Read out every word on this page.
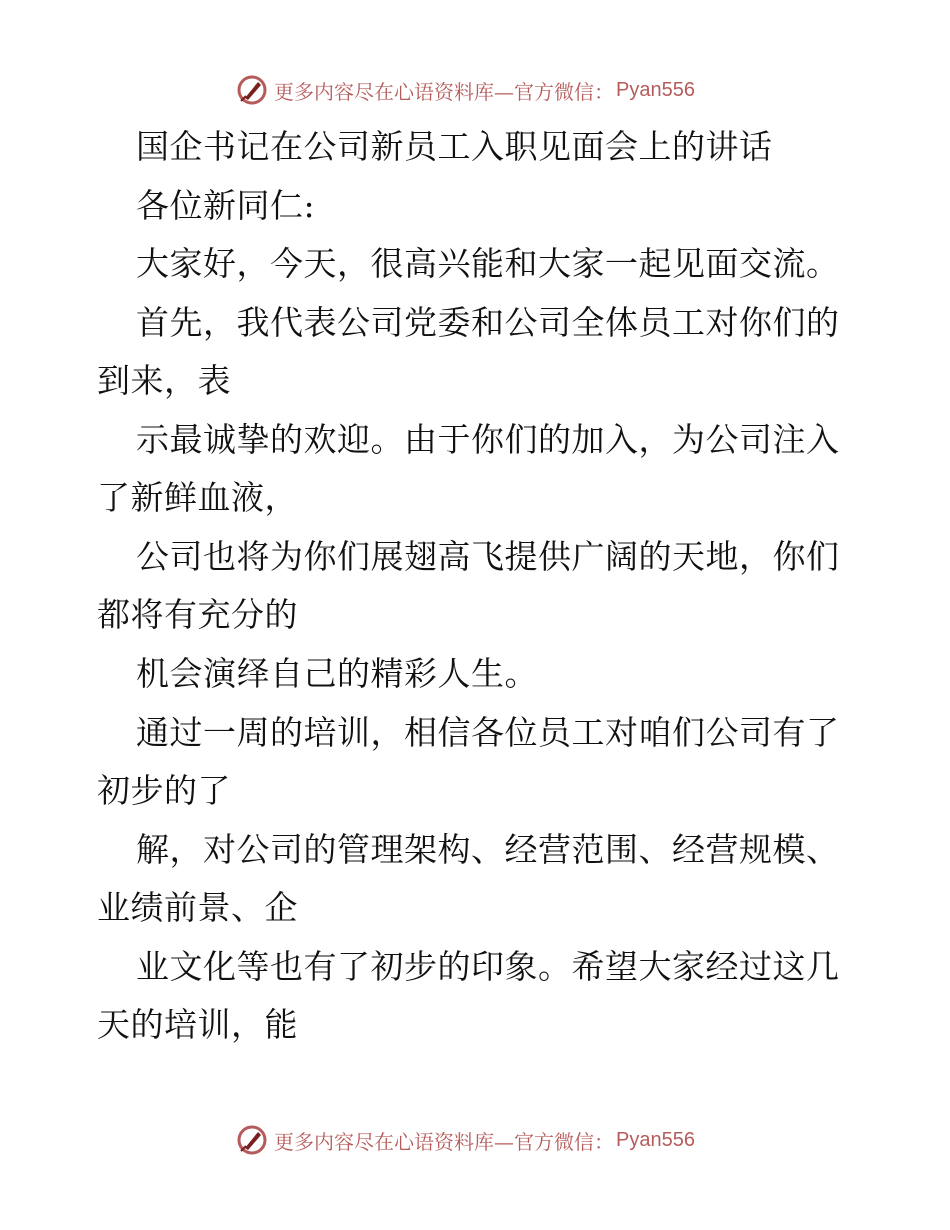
更多内容尽在心语资料库—官方微信： Pyan556
国企书记在公司新员工入职见面会上的讲话
各位新同仁:
大家好，今天，很高兴能和大家一起见面交流。
首先，我代表公司党委和公司全体员工对你们的
到来，表
示最诚挚的欢迎。由于你们的加入，为公司注入
了新鲜血液，
公司也将为你们展翅高飞提供广阔的天地，你们
都将有充分的
机会演绎自己的精彩人生。
通过一周的培训，相信各位员工对咱们公司有了
初步的了
解，对公司的管理架构、经营范围、经营规模、
业绩前景、企
业文化等也有了初步的印象。希望大家经过这几
天的培训，能
更多内容尽在心语资料库—官方微信： Pyan556
